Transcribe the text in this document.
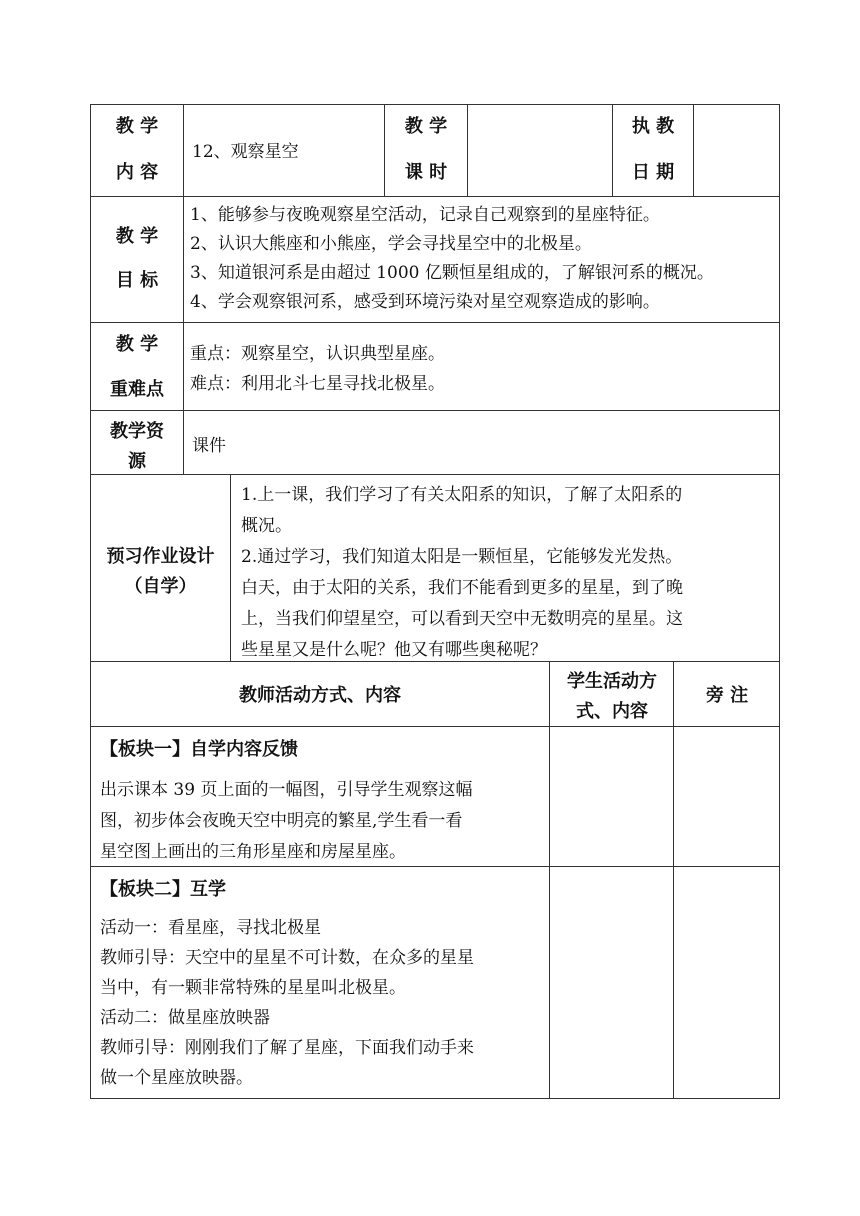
教 学
内 容
12、观察星空
教 学
课 时
执 教
日 期
教 学
目 标
1、能够参与夜晚观察星空活动，记录自己观察到的星座特征。
2、认识大熊座和小熊座，学会寻找星空中的北极星。
3、知道银河系是由超过 1000 亿颗恒星组成的，了解银河系的概况。
4、学会观察银河系，感受到环境污染对星空观察造成的影响。
教 学
重难点
重点：观察星空，认识典型星座。
难点：利用北斗七星寻找北极星。
教学资
源
课件
预习作业设计
（自学）
1.上一课，我们学习了有关太阳系的知识，了解了太阳系的
概况。
2.通过学习，我们知道太阳是一颗恒星，它能够发光发热。
白天，由于太阳的关系，我们不能看到更多的星星，到了晚
上，当我们仰望星空，可以看到天空中无数明亮的星星。这
些星星又是什么呢？他又有哪些奥秘呢？
教师活动方式、内容
学生活动方
式、内容
旁 注
【板块一】自学内容反馈
出示课本 39 页上面的一幅图，引导学生观察这幅
图，初步体会夜晚天空中明亮的繁星,学生看一看
星空图上画出的三角形星座和房屋星座。
【板块二】互学
活动一：看星座，寻找北极星
教师引导：天空中的星星不可计数，在众多的星星
当中，有一颗非常特殊的星星叫北极星。
活动二：做星座放映器
教师引导：刚刚我们了解了星座，下面我们动手来
做一个星座放映器。
